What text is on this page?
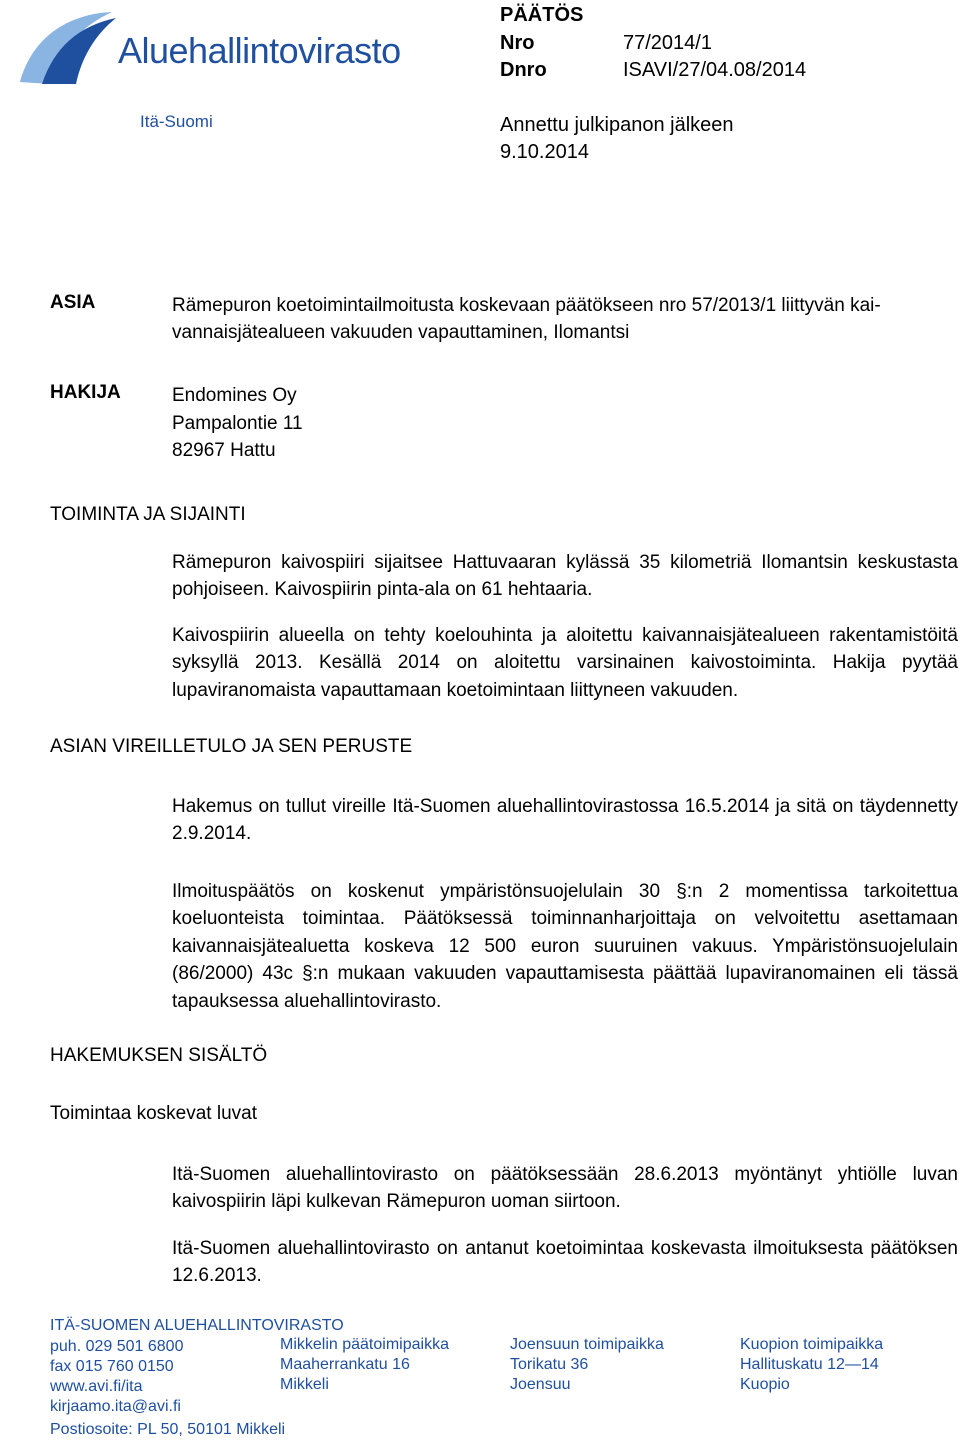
Aluehallintovirasto
Itä-Suomi
PÄÄTÖS
Nro	77/2014/1
Dnro	ISAVI/27/04.08/2014
Annettu julkipanon jälkeen
9.10.2014
ASIA	Rämepuron koetoimintailmoitusta koskevaan päätökseen nro 57/2013/1 liittyvän kai-
vannaisjätealueen vakuuden vapauttaminen, Ilomantsi
HAKIJA	Endomines Oy
Pampalontie 11
82967 Hattu
TOIMINTA JA SIJAINTI
Rämepuron kaivospiiri sijaitsee Hattuvaaran kylässä 35 kilometriä Ilomantsin keskustasta pohjoiseen. Kaivospiirin pinta-ala on 61 hehtaaria.
Kaivospiirin alueella on tehty koelouhinta ja aloitettu kaivannaisjätealueen rakentamistöitä syksyllä 2013. Kesällä 2014 on aloitettu varsinainen kaivostoiminta. Hakija pyytää lupaviranomaista vapauttamaan koetoimintaan liittyneen vakuuden.
ASIAN VIREILLETULO JA SEN PERUSTE
Hakemus on tullut vireille Itä-Suomen aluehallintovirastossa 16.5.2014 ja sitä on täydennetty 2.9.2014.
Ilmoituspäätös on koskenut ympäristönsuojelulain 30 §:n 2 momentissa tarkoitettua koeluonteista toimintaa. Päätöksessä toiminnanharjoittaja on velvoitettu asettamaan kaivannaisjätealuetta koskeva 12 500 euron suuruinen vakuus. Ympäristönsuojelulain (86/2000) 43c §:n mukaan vakuuden vapauttamisesta päättää lupaviranomainen eli tässä tapauksessa aluehallintovirasto.
HAKEMUKSEN SISÄLTÖ
Toimintaa koskevat luvat
Itä-Suomen aluehallintovirasto on päätöksessään 28.6.2013 myöntänyt yhtiölle luvan kaivospiirin läpi kulkevan Rämepuron uoman siirtoon.
Itä-Suomen aluehallintovirasto on antanut koetoimintaa koskevasta ilmoituksesta päätöksen 12.6.2013.
ITÄ-SUOMEN ALUEHALLINTOVIRASTO
puh. 029 501 6800
fax 015 760 0150
www.avi.fi/ita
kirjaamo.ita@avi.fi
Postiosoite: PL 50, 50101 Mikkeli
Mikkelin päätoimipaikka
Maaherrankatu 16
Mikkeli
Joensuun toimipaikka
Torikatu 36
Joensuu
Kuopion toimipaikka
Hallituskatu 12—14
Kuopio
